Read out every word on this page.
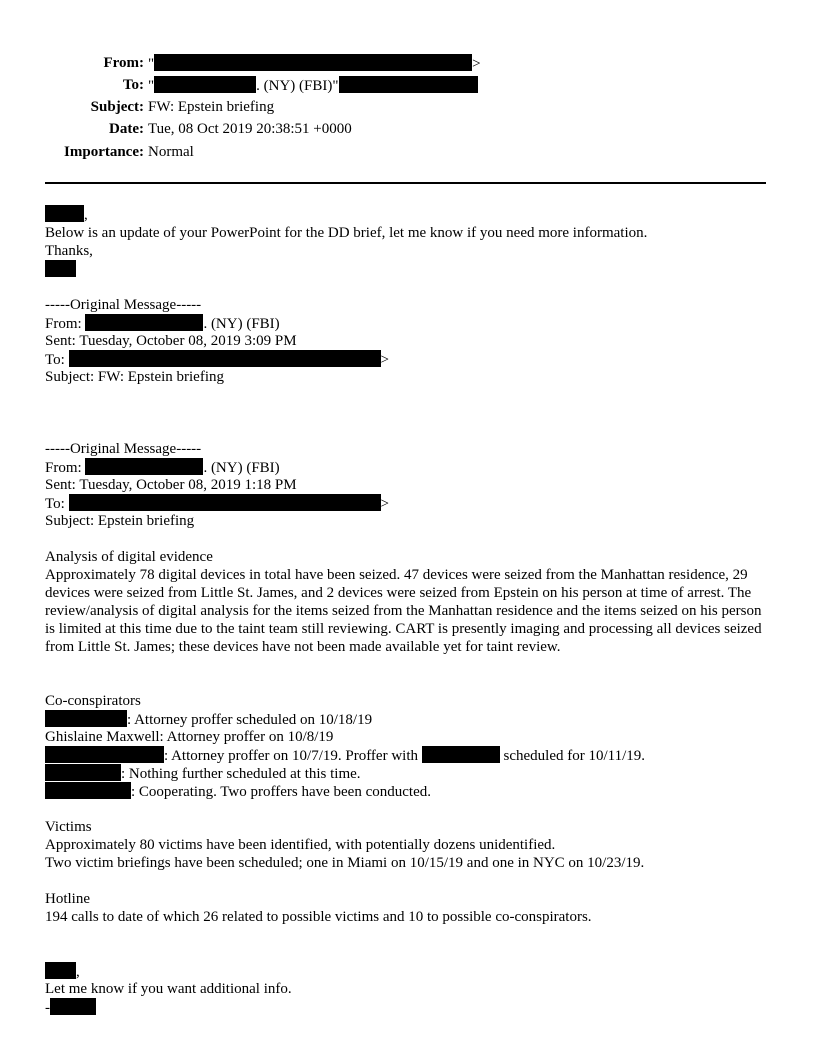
From: "	>
To: "	. (NY) (FBI)"
Subject: FW: Epstein briefing
Date: Tue, 08 Oct 2019 20:38:51 +0000
Importance: Normal
,
Below is an update of your PowerPoint for the DD brief, let me know if you need more information.
Thanks,
-----Original Message-----
From:	. (NY) (FBI)
Sent: Tuesday, October 08, 2019 3:09 PM
To:	>
Subject: FW: Epstein briefing
-----Original Message-----
From:	. (NY) (FBI)
Sent: Tuesday, October 08, 2019 1:18 PM
To:	>
Subject: Epstein briefing
Analysis of digital evidence
Approximately 78 digital devices in total have been seized. 47 devices were seized from the Manhattan residence, 29 devices were seized from Little St. James, and 2 devices were seized from Epstein on his person at time of arrest. The review/analysis of digital analysis for the items seized from the Manhattan residence and the items seized on his person is limited at this time due to the taint team still reviewing. CART is presently imaging and processing all devices seized from Little St. James; these devices have not been made available yet for taint review.
Co-conspirators
: Attorney proffer scheduled on 10/18/19
Ghislaine Maxwell: Attorney proffer on 10/8/19
: Attorney proffer on 10/7/19. Proffer with	scheduled for 10/11/19.
: Nothing further scheduled at this time.
: Cooperating. Two proffers have been conducted.
Victims
Approximately 80 victims have been identified, with potentially dozens unidentified.
Two victim briefings have been scheduled; one in Miami on 10/15/19 and one in NYC on 10/23/19.
Hotline
194 calls to date of which 26 related to possible victims and 10 to possible co-conspirators.
,
Let me know if you want additional info.
-
